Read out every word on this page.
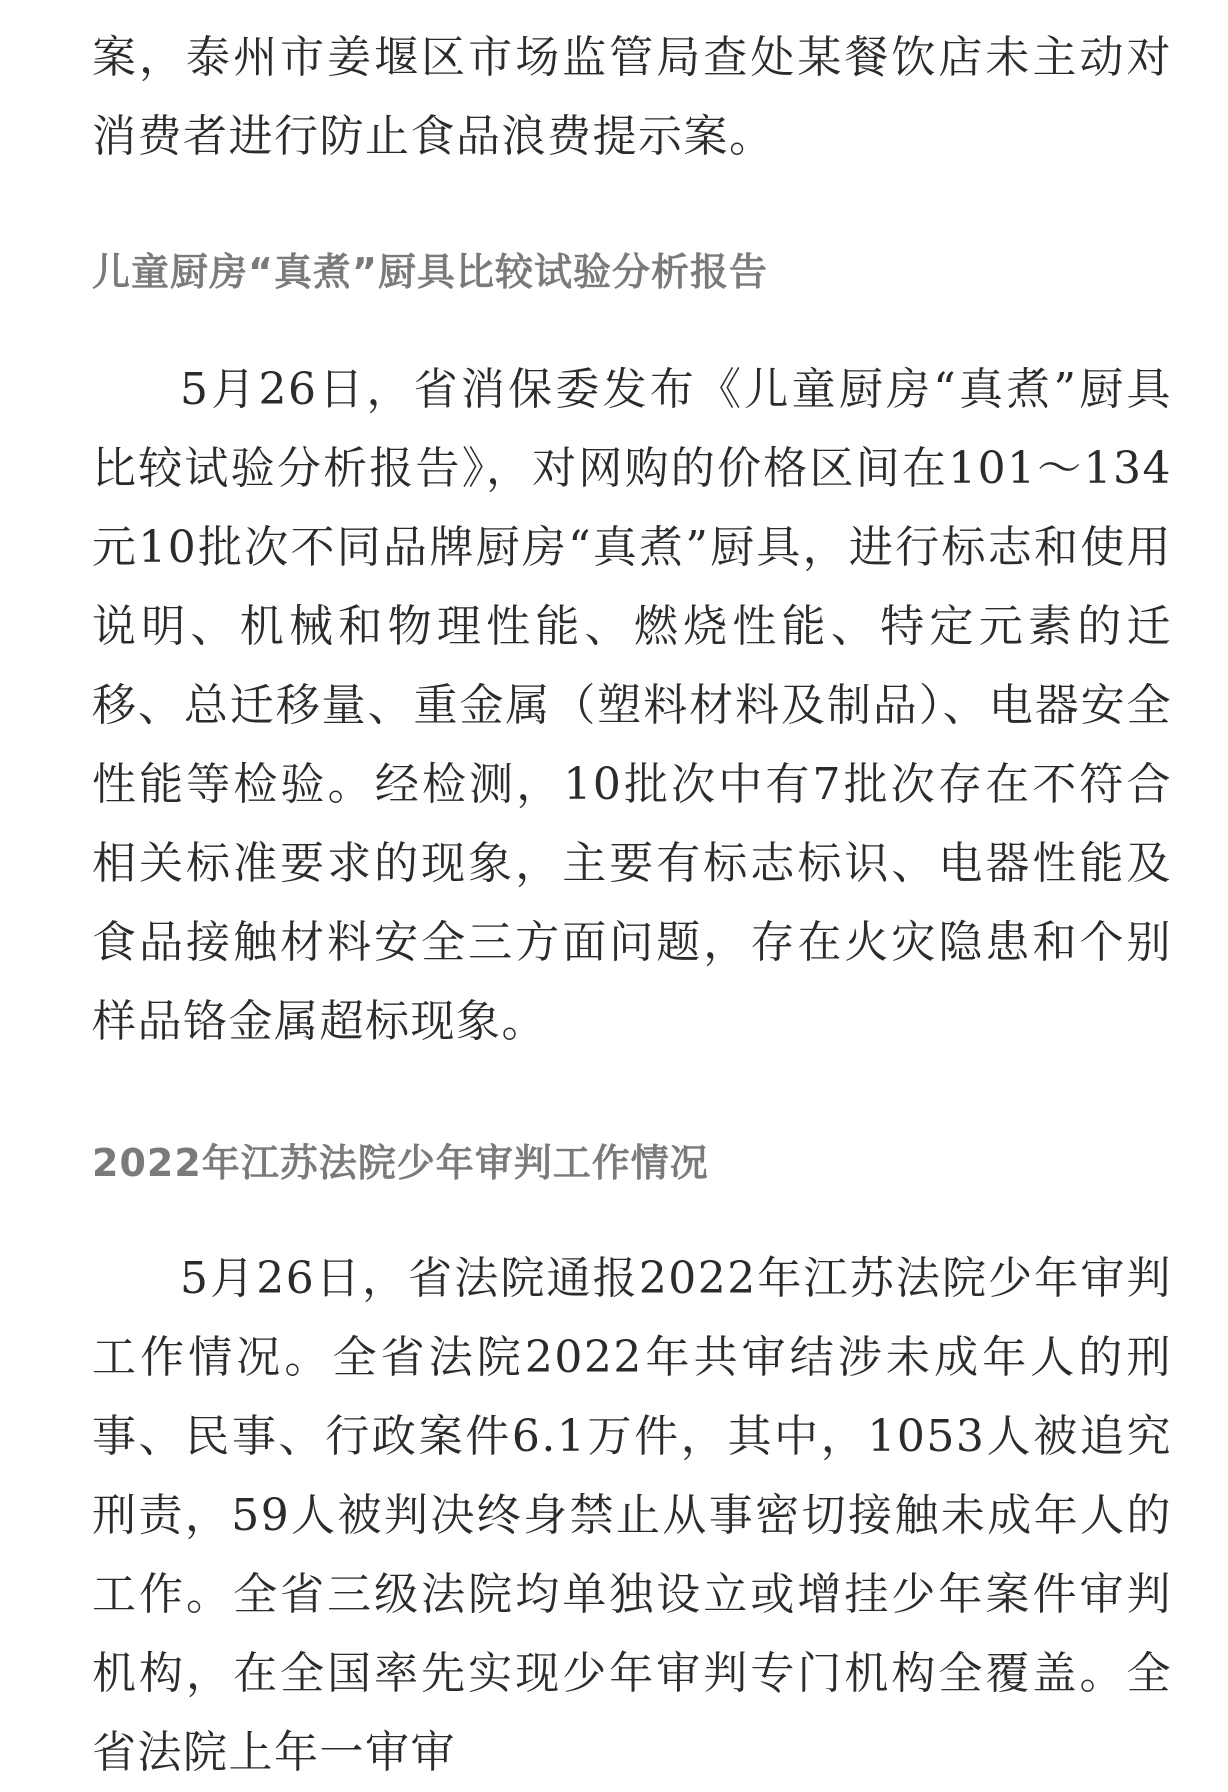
案，泰州市姜堰区市场监管局查处某餐饮店未主动对消费者进行防止食品浪费提示案。

儿童厨房“真煮”厨具比较试验分析报告

5月26日，省消保委发布《儿童厨房“真煮”厨具比较试验分析报告》，对网购的价格区间在101～134元10批次不同品牌厨房“真煮”厨具，进行标志和使用说明、机械和物理性能、燃烧性能、特定元素的迁移、总迁移量、重金属（塑料材料及制品）、电器安全性能等检验。经检测，10批次中有7批次存在不符合相关标准要求的现象，主要有标志标识、电器性能及食品接触材料安全三方面问题，存在火灾隐患和个别样品铬金属超标现象。

2022年江苏法院少年审判工作情况

5月26日，省法院通报2022年江苏法院少年审判工作情况。全省法院2022年共审结涉未成年人的刑事、民事、行政案件6.1万件，其中，1053人被追究刑责，59人被判决终身禁止从事密切接触未成年人的工作。全省三级法院均单独设立或增挂少年案件审判机构，在全国率先实现少年审判专门机构全覆盖。全省法院上年一审审
